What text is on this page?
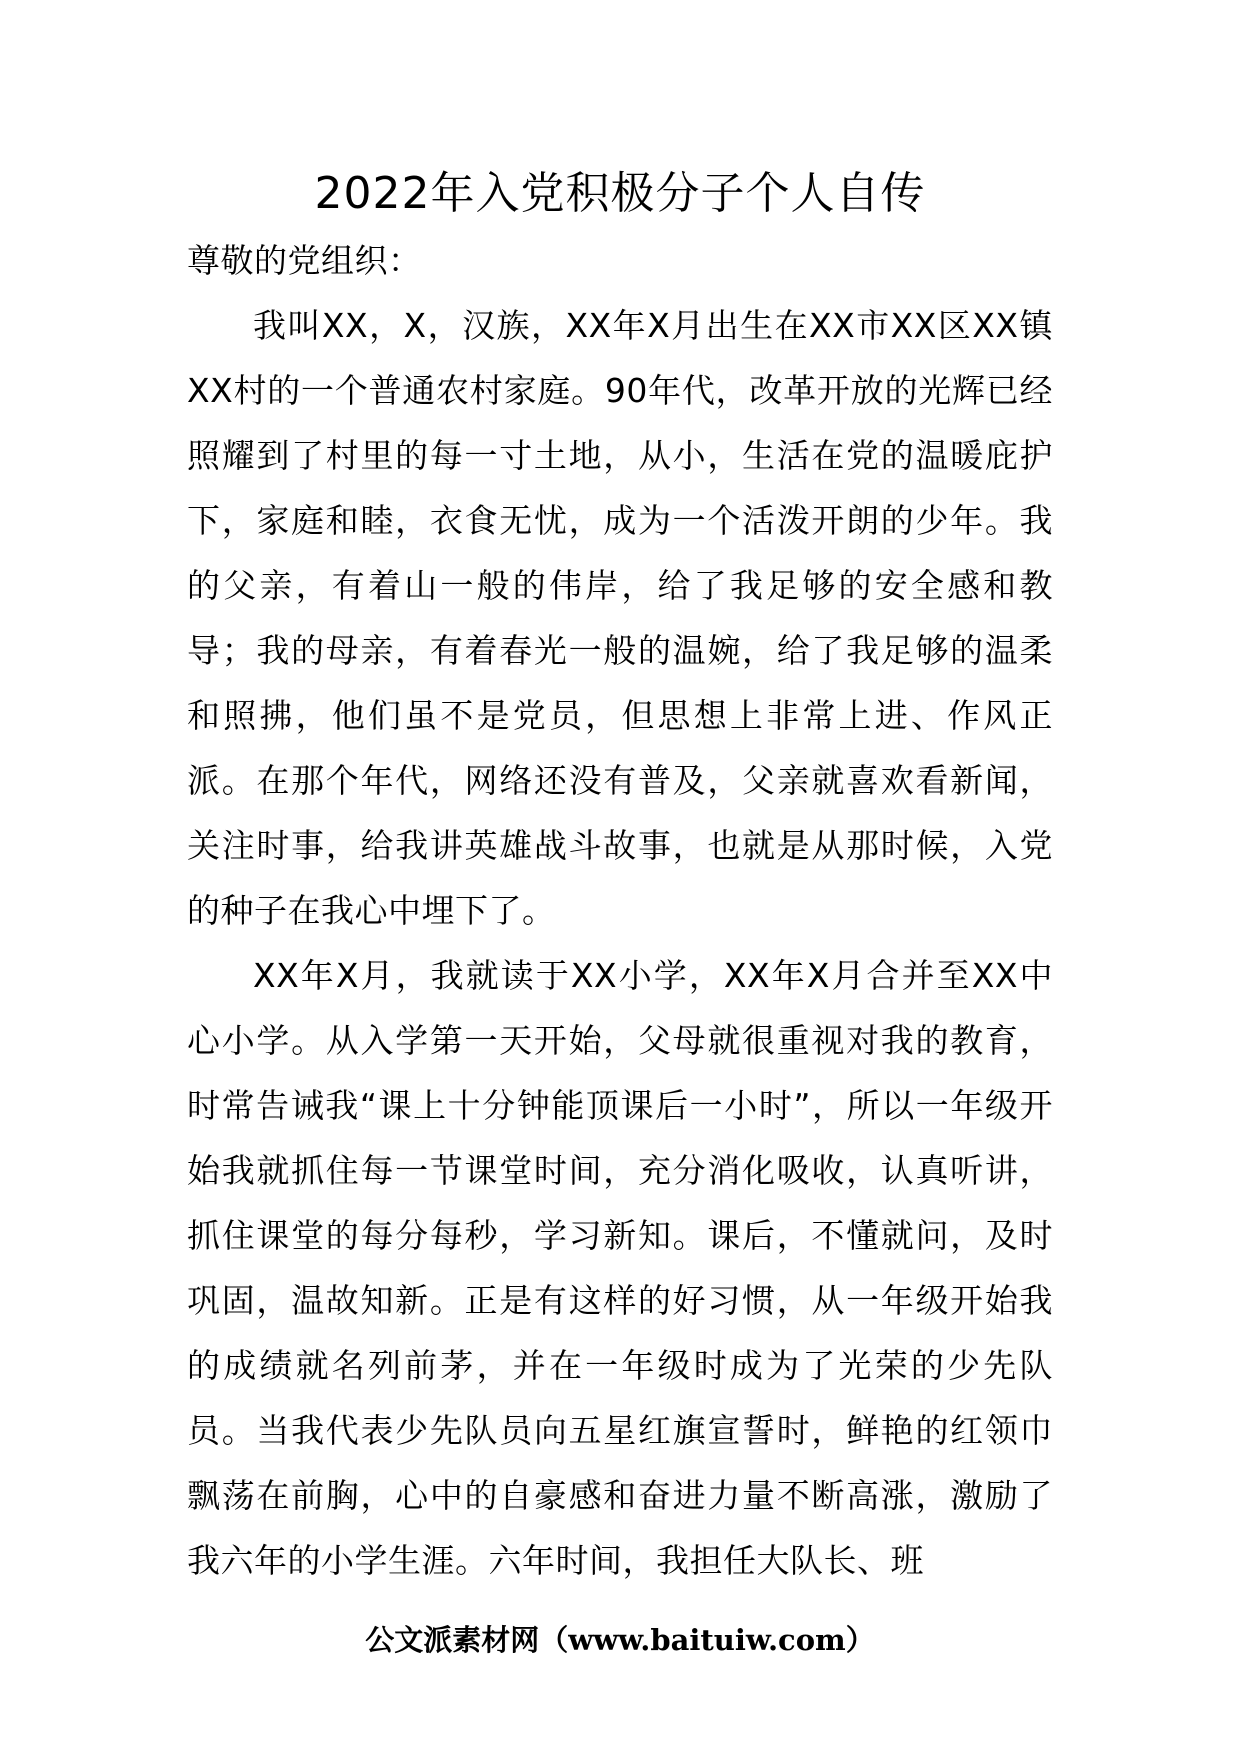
2022年入党积极分子个人自传

尊敬的党组织：

我叫XX，X，汉族，XX年X月出生在XX市XX区XX镇XX村的一个普通农村家庭。90年代，改革开放的光辉已经照耀到了村里的每一寸土地，从小，生活在党的温暖庇护下，家庭和睦，衣食无忧，成为一个活泼开朗的少年。我的父亲，有着山一般的伟岸，给了我足够的安全感和教导；我的母亲，有着春光一般的温婉，给了我足够的温柔和照拂，他们虽不是党员，但思想上非常上进、作风正派。在那个年代，网络还没有普及，父亲就喜欢看新闻，关注时事，给我讲英雄战斗故事，也就是从那时候，入党的种子在我心中埋下了。

XX年X月，我就读于XX小学，XX年X月合并至XX中心小学。从入学第一天开始，父母就很重视对我的教育，时常告诫我“课上十分钟能顶课后一小时”，所以一年级开始我就抓住每一节课堂时间，充分消化吸收，认真听讲，抓住课堂的每分每秒，学习新知。课后，不懂就问，及时巩固，温故知新。正是有这样的好习惯，从一年级开始我的成绩就名列前茅，并在一年级时成为了光荣的少先队员。当我代表少先队员向五星红旗宣誓时，鲜艳的红领巾飘荡在前胸，心中的自豪感和奋进力量不断高涨，激励了我六年的小学生涯。六年时间，我担任大队长、班

公文派素材网（www.baituiw.com）
